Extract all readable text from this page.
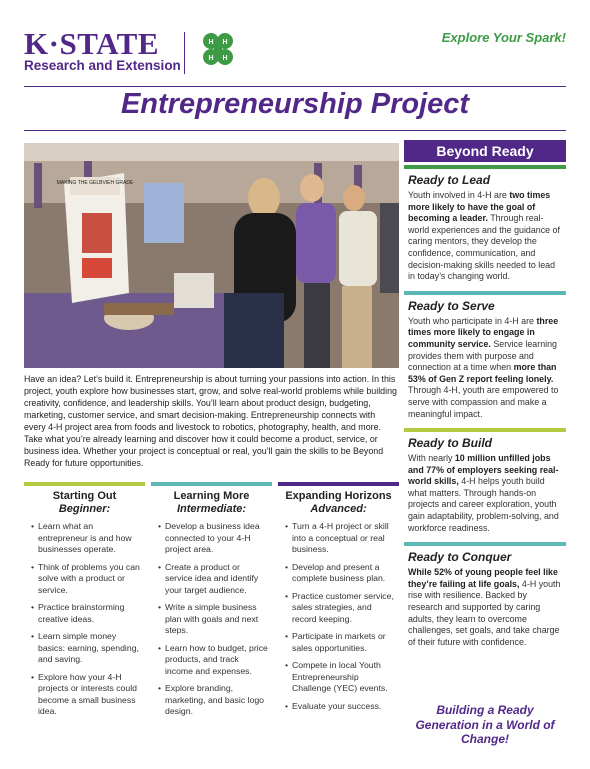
K·STATE
Research and Extension
H H
H H
Explore Your Spark!
Entrepreneurship Project
MAKING THE GELBVIEH GRADE

Have an idea? Let’s build it. Entrepreneurship is about turning your passions into action. In this project, youth explore how businesses start, grow, and solve real-world problems while building creativity, confidence, and leadership skills. You’ll learn about product design, budgeting, marketing, customer service, and smart decision-making. Entrepreneurship connects with every 4-H project area from foods and livestock to robotics, photography, health, and more. Take what you’re already learning and discover how it could become a product, service, or business idea. Whether your project is conceptual or real, you’ll gain the skills to be Beyond Ready for future opportunities.

Starting Out
Beginner:
• Learn what an entrepreneur is and how businesses operate.
• Think of problems you can solve with a product or service.
• Practice brainstorming creative ideas.
• Learn simple money basics: earning, spending, and saving.
• Explore how your 4-H projects or interests could become a small business idea.
Learning More
Intermediate:
• Develop a business idea connected to your 4-H project area.
• Create a product or service idea and identify your target audience.
• Write a simple business plan with goals and next steps.
• Learn how to budget, price products, and track income and expenses.
• Explore branding, marketing, and basic logo design.
Expanding Horizons
Advanced:
• Turn a 4-H project or skill into a conceptual or real business.
• Develop and present a complete business plan.
• Practice customer service, sales strategies, and record keeping.
• Participate in markets or sales opportunities.
• Compete in local Youth Entrepreneurship Challenge (YEC) events.
• Evaluate your success.
Beyond Ready
Ready to Lead

Youth involved in 4-H are two times more likely to have the goal of becoming a leader. Through real-world experiences and the guidance of caring mentors, they develop the confidence, communication, and decision-making skills needed to lead in today’s changing world.

Ready to Serve

Youth who participate in 4-H are three times more likely to engage in community service. Service learning provides them with purpose and connection at a time when more than 53% of Gen Z report feeling lonely. Through 4-H, youth are empowered to serve with compassion and make a meaningful impact.

Ready to Build

With nearly 10 million unfilled jobs and 77% of employers seeking real-world skills, 4-H helps youth build what matters. Through hands-on projects and career exploration, youth gain adaptability, problem-solving, and workforce readiness.

Ready to Conquer

While 52% of young people feel like they’re failing at life goals, 4-H youth rise with resilience. Backed by research and supported by caring adults, they learn to overcome challenges, set goals, and take charge of their future with confidence.

Building a Ready Generation in a World of Change!
